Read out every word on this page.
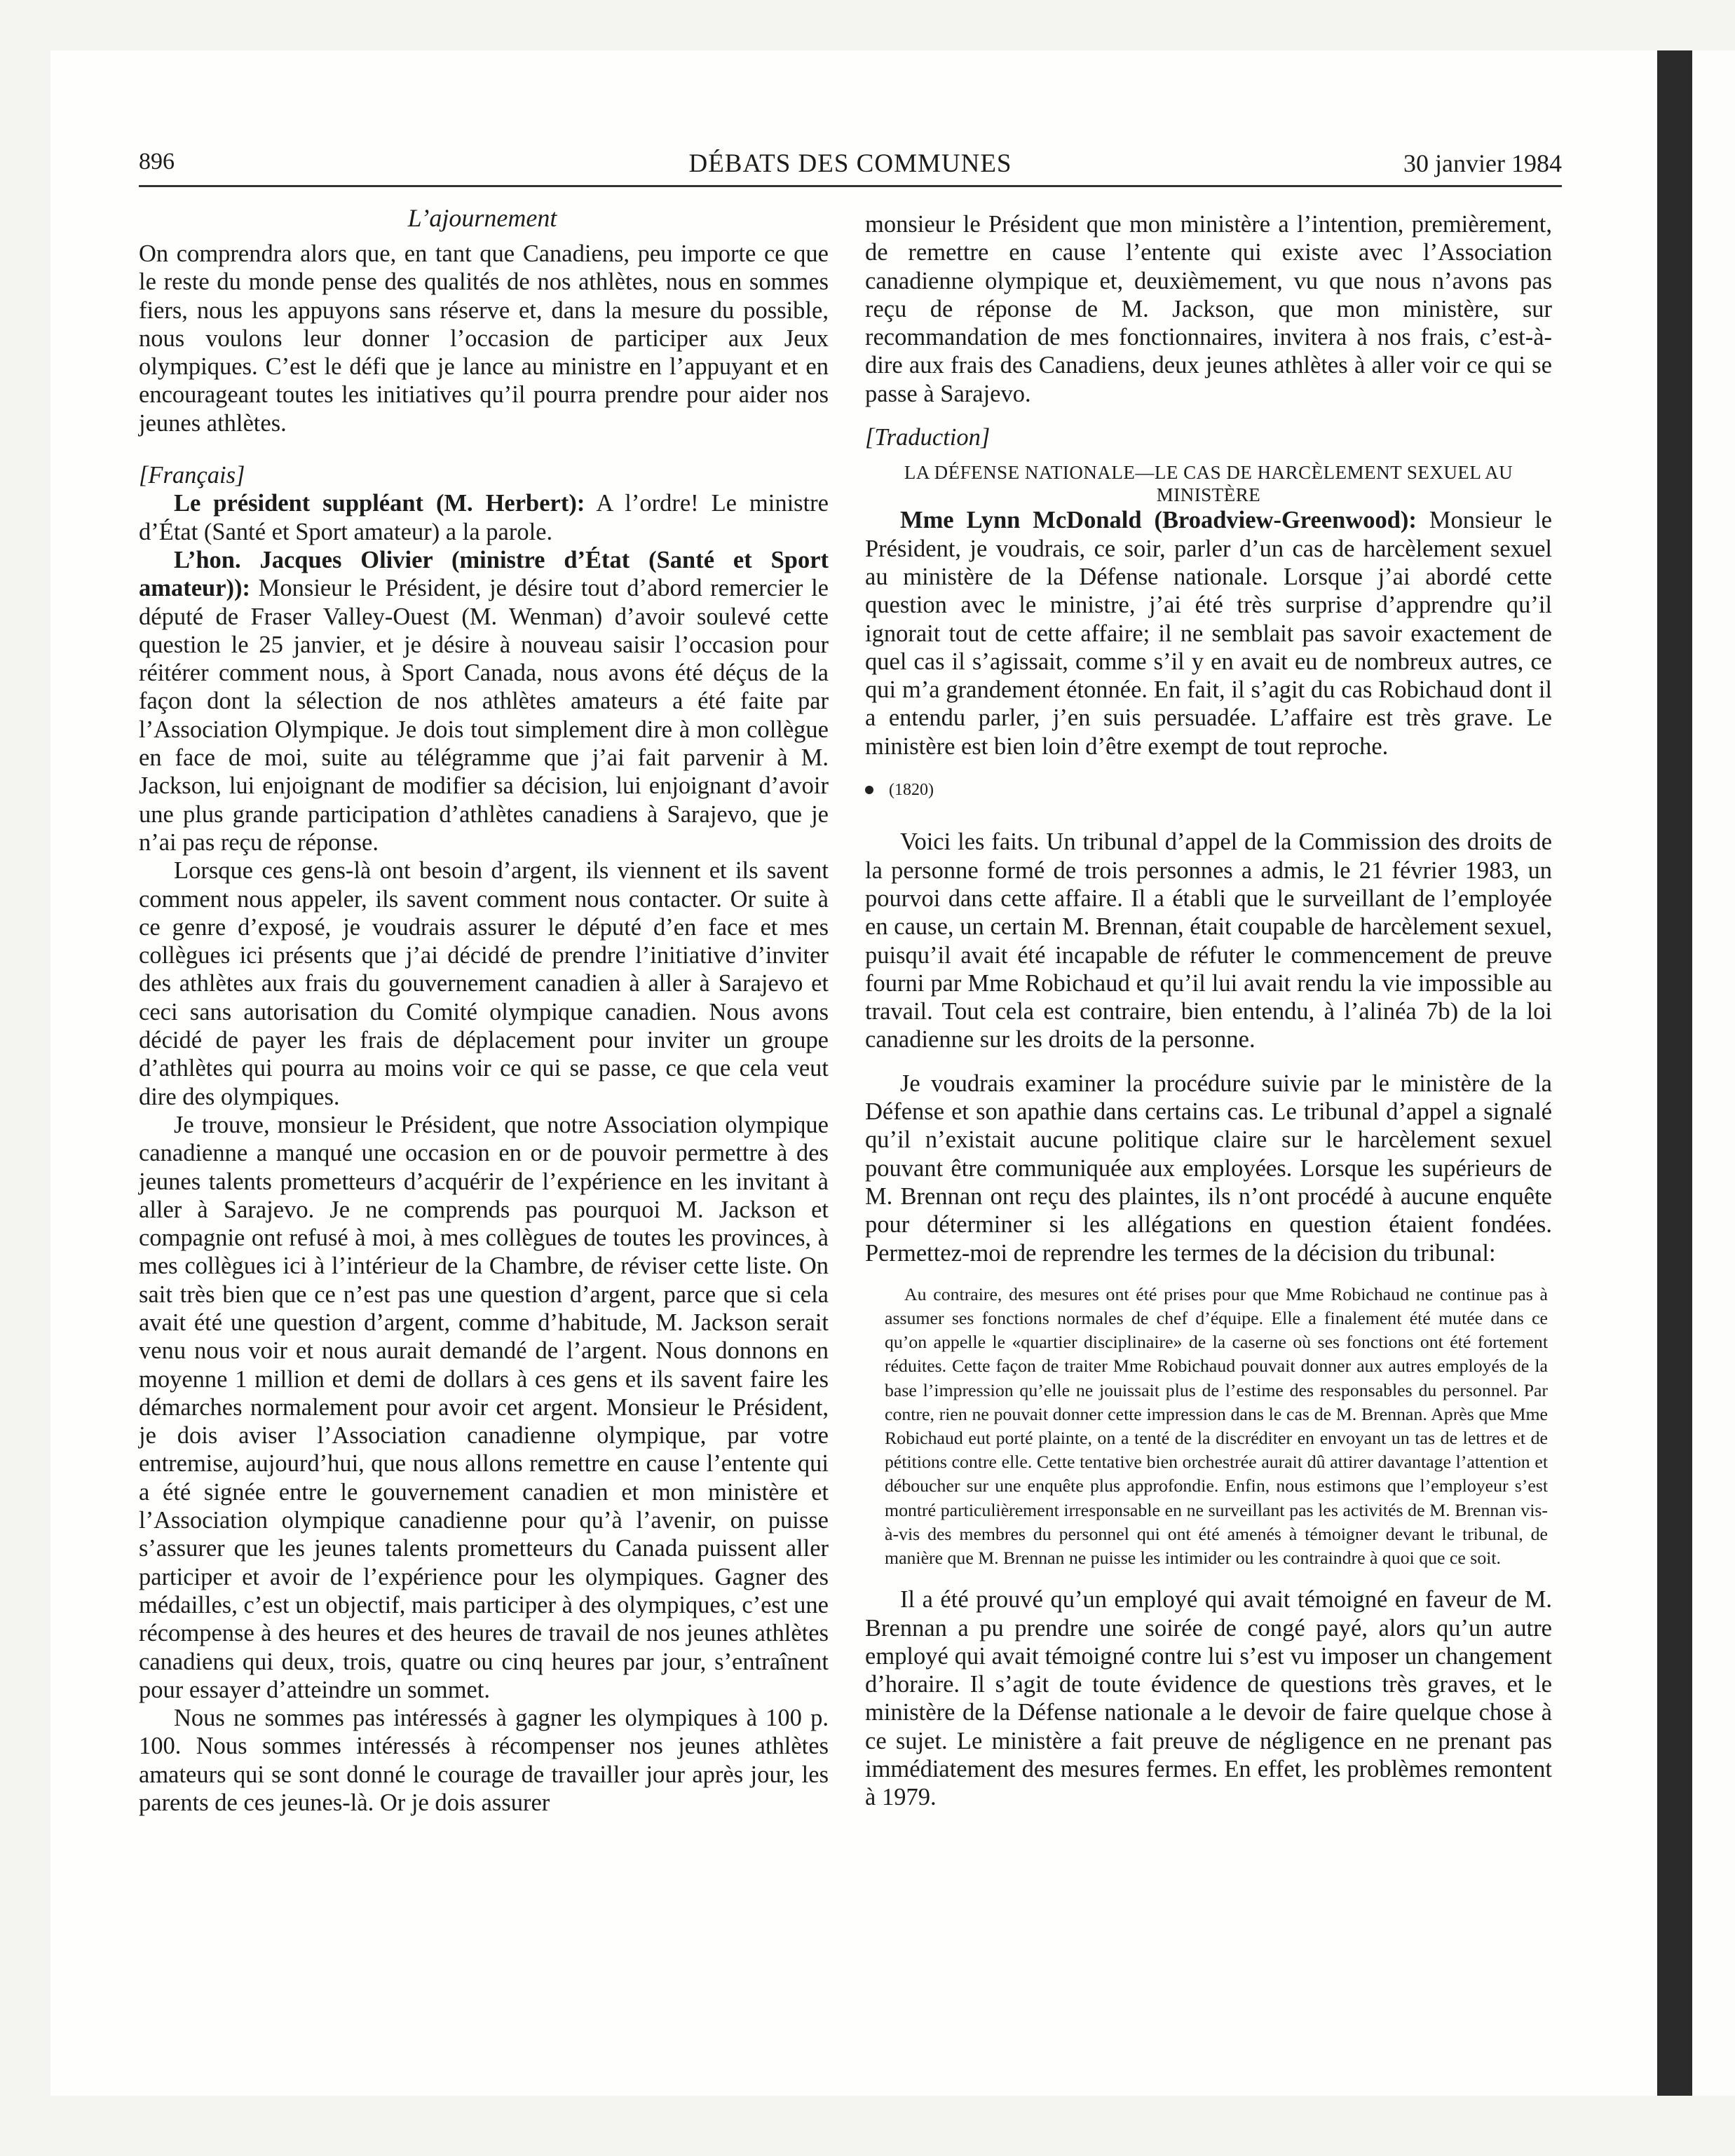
896	DÉBATS DES COMMUNES	30 janvier 1984
L’ajournement

On comprendra alors que, en tant que Canadiens, peu importe ce que le reste du monde pense des qualités de nos athlètes, nous en sommes fiers, nous les appuyons sans réserve et, dans la mesure du possible, nous voulons leur donner l’occasion de participer aux Jeux olympiques. C’est le défi que je lance au ministre en l’appuyant et en encourageant toutes les initiatives qu’il pourra prendre pour aider nos jeunes athlètes.

[Français]

Le président suppléant (M. Herbert): A l’ordre! Le ministre d’État (Santé et Sport amateur) a la parole.

L’hon. Jacques Olivier (ministre d’État (Santé et Sport amateur)): Monsieur le Président, je désire tout d’abord remercier le député de Fraser Valley-Ouest (M. Wenman) d’avoir soulevé cette question le 25 janvier, et je désire à nouveau saisir l’occasion pour réitérer comment nous, à Sport Canada, nous avons été déçus de la façon dont la sélection de nos athlètes amateurs a été faite par l’Association Olympique. Je dois tout simplement dire à mon collègue en face de moi, suite au télégramme que j’ai fait parvenir à M. Jackson, lui enjoignant de modifier sa décision, lui enjoignant d’avoir une plus grande participation d’athlètes canadiens à Sarajevo, que je n’ai pas reçu de réponse.

Lorsque ces gens-là ont besoin d’argent, ils viennent et ils savent comment nous appeler, ils savent comment nous contacter. Or suite à ce genre d’exposé, je voudrais assurer le député d’en face et mes collègues ici présents que j’ai décidé de prendre l’initiative d’inviter des athlètes aux frais du gouvernement canadien à aller à Sarajevo et ceci sans autorisation du Comité olympique canadien. Nous avons décidé de payer les frais de déplacement pour inviter un groupe d’athlètes qui pourra au moins voir ce qui se passe, ce que cela veut dire des olympiques.

Je trouve, monsieur le Président, que notre Association olympique canadienne a manqué une occasion en or de pouvoir permettre à des jeunes talents prometteurs d’acquérir de l’expérience en les invitant à aller à Sarajevo. Je ne comprends pas pourquoi M. Jackson et compagnie ont refusé à moi, à mes collègues de toutes les provinces, à mes collègues ici à l’intérieur de la Chambre, de réviser cette liste. On sait très bien que ce n’est pas une question d’argent, parce que si cela avait été une question d’argent, comme d’habitude, M. Jackson serait venu nous voir et nous aurait demandé de l’argent. Nous donnons en moyenne 1 million et demi de dollars à ces gens et ils savent faire les démarches normalement pour avoir cet argent. Monsieur le Président, je dois aviser l’Association canadienne olympique, par votre entremise, aujourd’hui, que nous allons remettre en cause l’entente qui a été signée entre le gouvernement canadien et mon ministère et l’Association olympique canadienne pour qu’à l’avenir, on puisse s’assurer que les jeunes talents prometteurs du Canada puissent aller participer et avoir de l’expérience pour les olympiques. Gagner des médailles, c’est un objectif, mais participer à des olympiques, c’est une récompense à des heures et des heures de travail de nos jeunes athlètes canadiens qui deux, trois, quatre ou cinq heures par jour, s’entraînent pour essayer d’atteindre un sommet.

Nous ne sommes pas intéressés à gagner les olympiques à 100 p. 100. Nous sommes intéressés à récompenser nos jeunes athlètes amateurs qui se sont donné le courage de travailler jour après jour, les parents de ces jeunes-là. Or je dois assurer

monsieur le Président que mon ministère a l’intention, premièrement, de remettre en cause l’entente qui existe avec l’Association canadienne olympique et, deuxièmement, vu que nous n’avons pas reçu de réponse de M. Jackson, que mon ministère, sur recommandation de mes fonctionnaires, invitera à nos frais, c’est-à-dire aux frais des Canadiens, deux jeunes athlètes à aller voir ce qui se passe à Sarajevo.

[Traduction]

LA DÉFENSE NATIONALE—LE CAS DE HARCÈLEMENT SEXUEL AU MINISTÈRE

Mme Lynn McDonald (Broadview-Greenwood): Monsieur le Président, je voudrais, ce soir, parler d’un cas de harcèlement sexuel au ministère de la Défense nationale. Lorsque j’ai abordé cette question avec le ministre, j’ai été très surprise d’apprendre qu’il ignorait tout de cette affaire; il ne semblait pas savoir exactement de quel cas il s’agissait, comme s’il y en avait eu de nombreux autres, ce qui m’a grandement étonnée. En fait, il s’agit du cas Robichaud dont il a entendu parler, j’en suis persuadée. L’affaire est très grave. Le ministère est bien loin d’être exempt de tout reproche.

(1820)

Voici les faits. Un tribunal d’appel de la Commission des droits de la personne formé de trois personnes a admis, le 21 février 1983, un pourvoi dans cette affaire. Il a établi que le surveillant de l’employée en cause, un certain M. Brennan, était coupable de harcèlement sexuel, puisqu’il avait été incapable de réfuter le commencement de preuve fourni par Mme Robichaud et qu’il lui avait rendu la vie impossible au travail. Tout cela est contraire, bien entendu, à l’alinéa 7b) de la loi canadienne sur les droits de la personne.

Je voudrais examiner la procédure suivie par le ministère de la Défense et son apathie dans certains cas. Le tribunal d’appel a signalé qu’il n’existait aucune politique claire sur le harcèlement sexuel pouvant être communiquée aux employées. Lorsque les supérieurs de M. Brennan ont reçu des plaintes, ils n’ont procédé à aucune enquête pour déterminer si les allégations en question étaient fondées. Permettez-moi de reprendre les termes de la décision du tribunal:

Au contraire, des mesures ont été prises pour que Mme Robichaud ne continue pas à assumer ses fonctions normales de chef d’équipe. Elle a finalement été mutée dans ce qu’on appelle le «quartier disciplinaire» de la caserne où ses fonctions ont été fortement réduites. Cette façon de traiter Mme Robichaud pouvait donner aux autres employés de la base l’impression qu’elle ne jouissait plus de l’estime des responsables du personnel. Par contre, rien ne pouvait donner cette impression dans le cas de M. Brennan. Après que Mme Robichaud eut porté plainte, on a tenté de la discréditer en envoyant un tas de lettres et de pétitions contre elle. Cette tentative bien orchestrée aurait dû attirer davantage l’attention et déboucher sur une enquête plus approfondie. Enfin, nous estimons que l’employeur s’est montré particulièrement irresponsable en ne surveillant pas les activités de M. Brennan vis-à-vis des membres du personnel qui ont été amenés à témoigner devant le tribunal, de manière que M. Brennan ne puisse les intimider ou les contraindre à quoi que ce soit.

Il a été prouvé qu’un employé qui avait témoigné en faveur de M. Brennan a pu prendre une soirée de congé payé, alors qu’un autre employé qui avait témoigné contre lui s’est vu imposer un changement d’horaire. Il s’agit de toute évidence de questions très graves, et le ministère de la Défense nationale a le devoir de faire quelque chose à ce sujet. Le ministère a fait preuve de négligence en ne prenant pas immédiatement des mesures fermes. En effet, les problèmes remontent à 1979.
